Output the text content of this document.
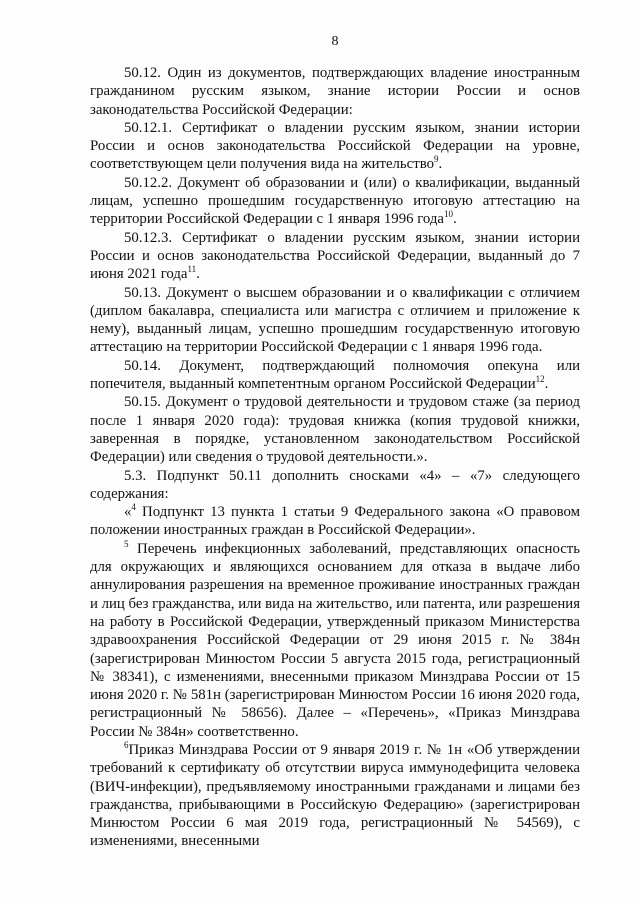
8

50.12. Один из документов, подтверждающих владение иностранным гражданином русским языком, знание истории России и основ законодательства Российской Федерации:

50.12.1. Сертификат о владении русским языком, знании истории России и основ законодательства Российской Федерации на уровне, соответствующем цели получения вида на жительство$^9$.

50.12.2. Документ об образовании и (или) о квалификации, выданный лицам, успешно прошедшим государственную итоговую аттестацию на территории Российской Федерации с 1 января 1996 года$^{10}$.

50.12.3. Сертификат о владении русским языком, знании истории России и основ законодательства Российской Федерации, выданный до 7 июня 2021 года$^{11}$.

50.13. Документ о высшем образовании и о квалификации с отличием (диплом бакалавра, специалиста или магистра с отличием и приложение к нему), выданный лицам, успешно прошедшим государственную итоговую аттестацию на территории Российской Федерации с 1 января 1996 года.

50.14. Документ, подтверждающий полномочия опекуна или попечителя, выданный компетентным органом Российской Федерации$^{12}$.

50.15. Документ о трудовой деятельности и трудовом стаже (за период после 1 января 2020 года): трудовая книжка (копия трудовой книжки, заверенная в порядке, установленном законодательством Российской Федерации) или сведения о трудовой деятельности.».

5.3. Подпункт 50.11 дополнить сносками «4» – «7» следующего содержания:

«$^4$ Подпункт 13 пункта 1 статьи 9 Федерального закона «О правовом положении иностранных граждан в Российской Федерации».

$^5$ Перечень инфекционных заболеваний, представляющих опасность для окружающих и являющихся основанием для отказа в выдаче либо аннулирования разрешения на временное проживание иностранных граждан и лиц без гражданства, или вида на жительство, или патента, или разрешения на работу в Российской Федерации, утвержденный приказом Министерства здравоохранения Российской Федерации от 29 июня 2015 г. № 384н (зарегистрирован Минюстом России 5 августа 2015 года, регистрационный № 38341), с изменениями, внесенными приказом Минздрава России от 15 июня 2020 г. № 581н (зарегистрирован Минюстом России 16 июня 2020 года, регистрационный № 58656). Далее – «Перечень», «Приказ Минздрава России № 384н» соответственно.

$^6$Приказ Минздрава России от 9 января 2019 г. № 1н «Об утверждении требований к сертификату об отсутствии вируса иммунодефицита человека (ВИЧ-инфекции), предъявляемому иностранными гражданами и лицами без гражданства, прибывающими в Российскую Федерацию» (зарегистрирован Минюстом России 6 мая 2019 года, регистрационный № 54569), с изменениями, внесенными
